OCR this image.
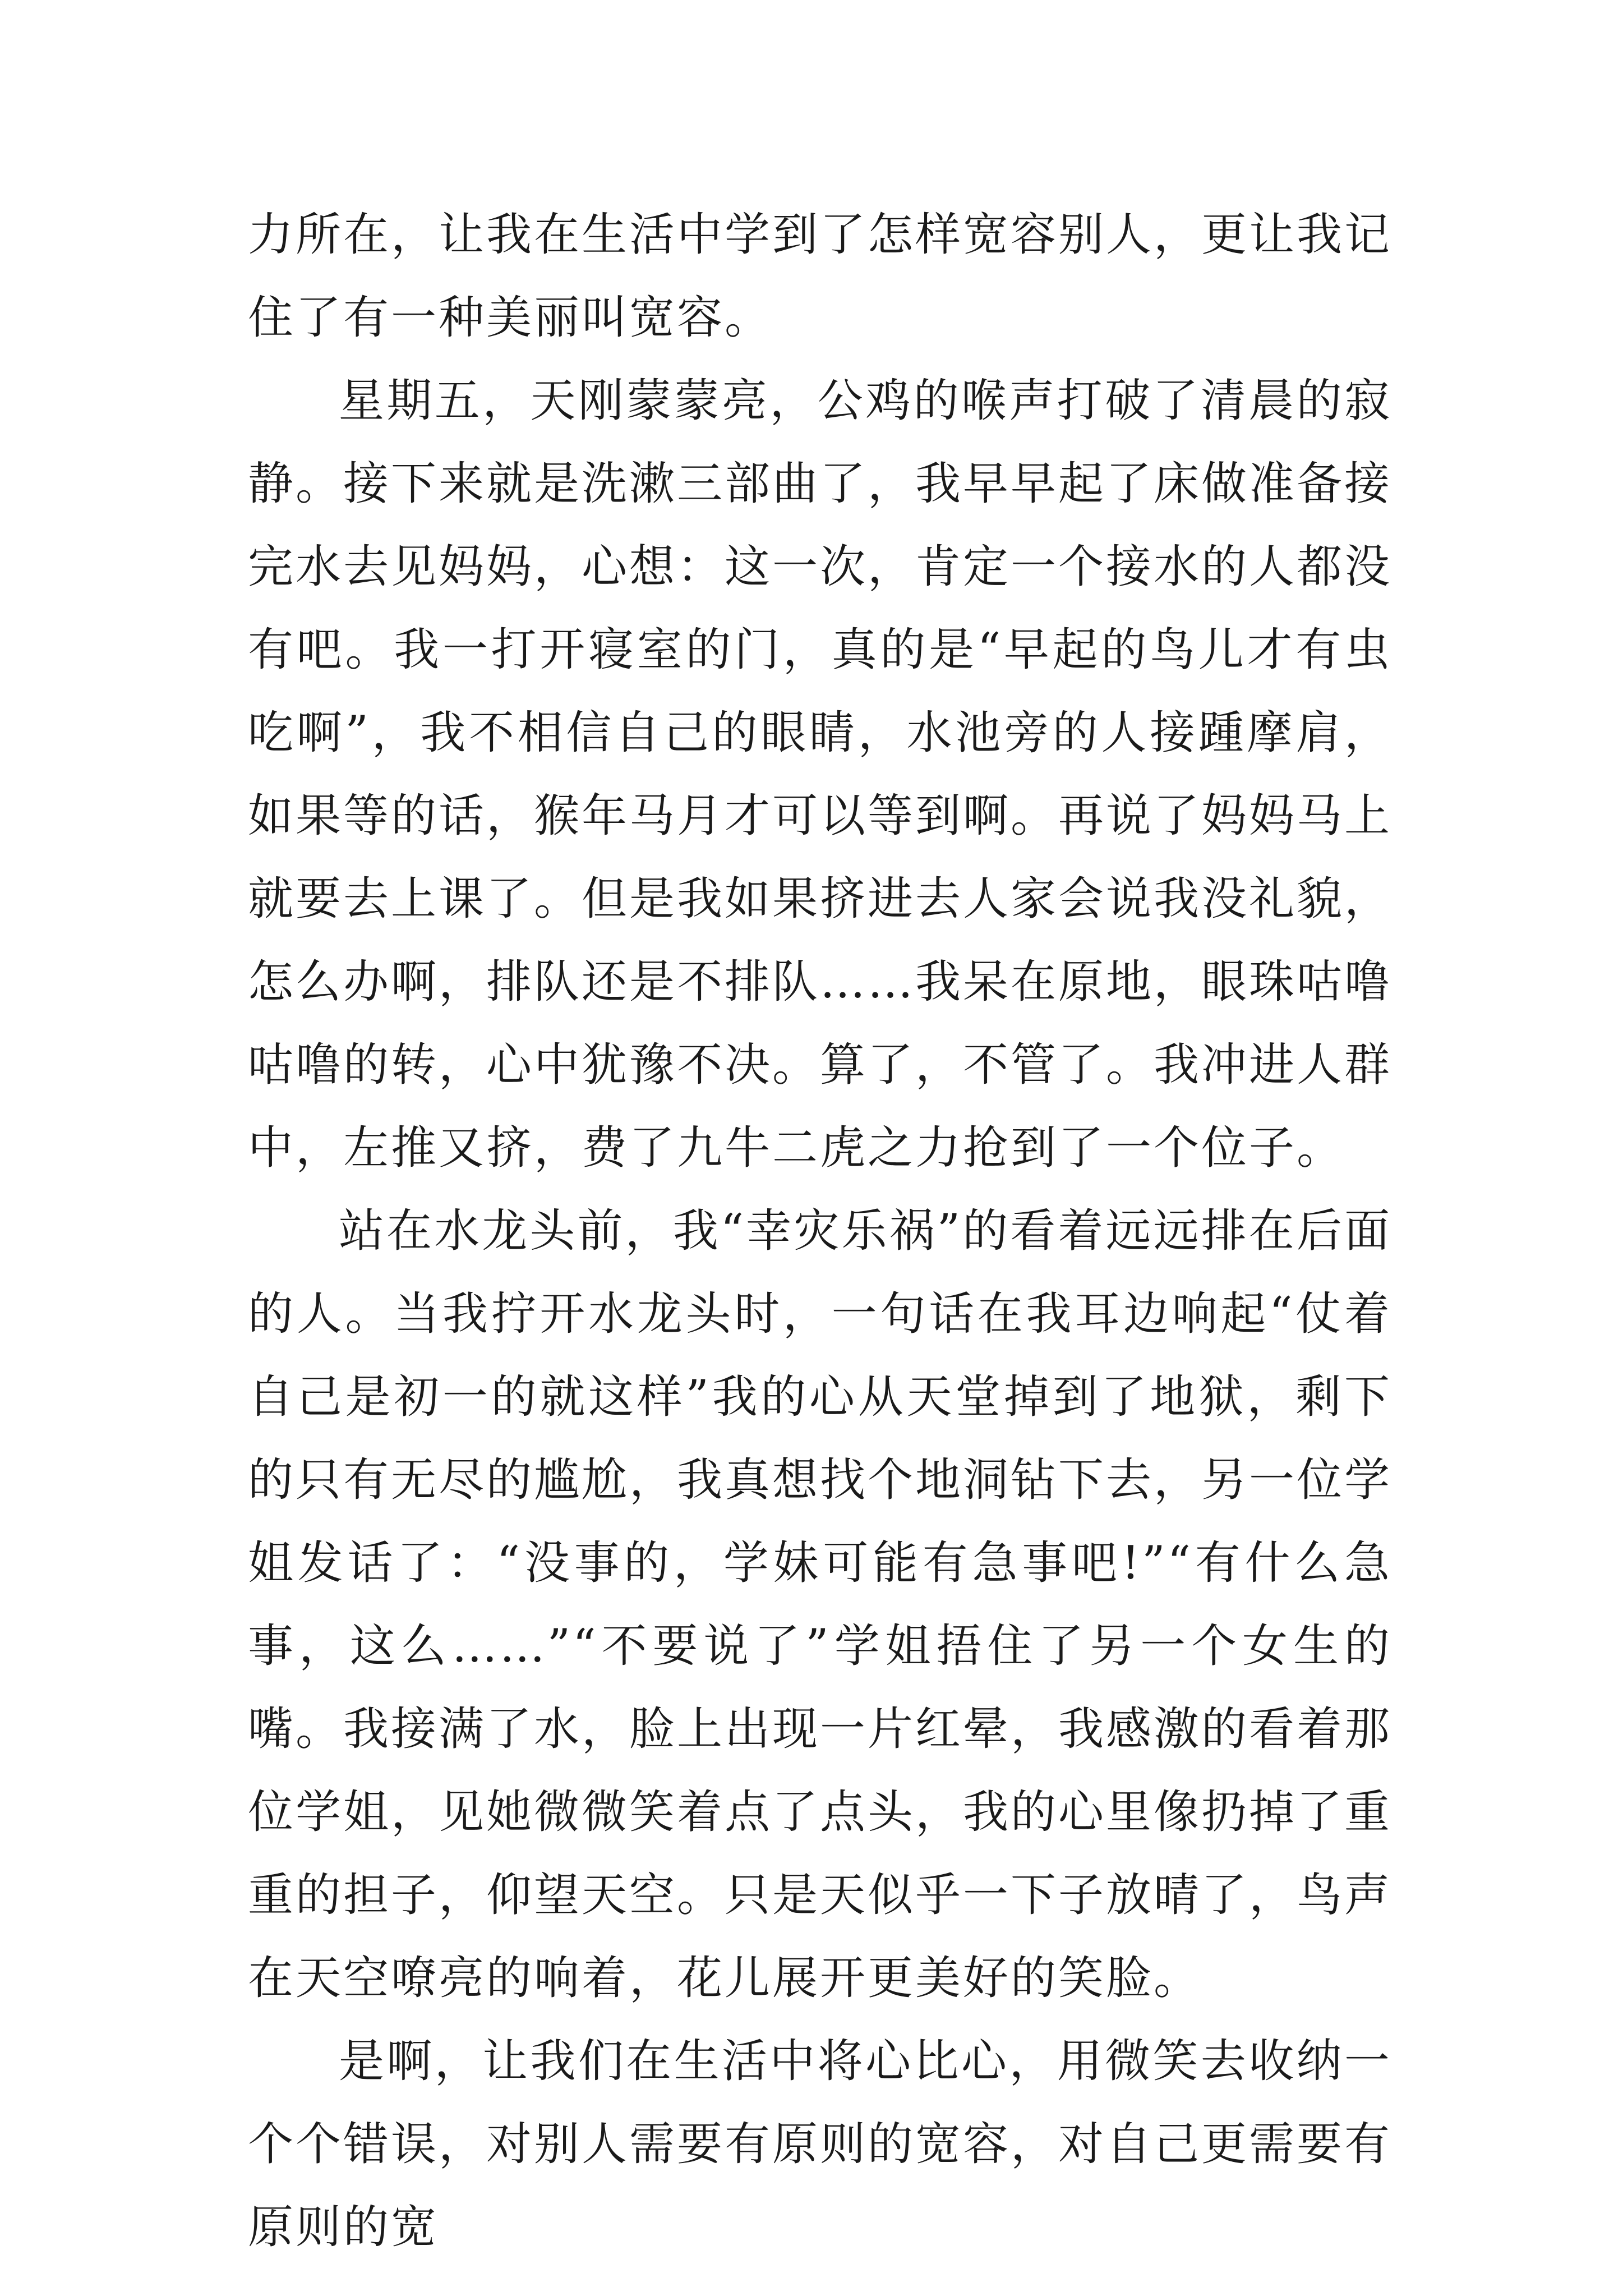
力所在，让我在生活中学到了怎样宽容别人，更让我记住了有一种美丽叫宽容。

星期五，天刚蒙蒙亮，公鸡的喉声打破了清晨的寂静。接下来就是洗漱三部曲了，我早早起了床做准备接完水去见妈妈，心想：这一次，肯定一个接水的人都没有吧。我一打开寝室的门，真的是“早起的鸟儿才有虫吃啊”，我不相信自己的眼睛，水池旁的人接踵摩肩，如果等的话，猴年马月才可以等到啊。再说了妈妈马上就要去上课了。但是我如果挤进去人家会说我没礼貌，怎么办啊，排队还是不排队……我呆在原地，眼珠咕噜咕噜的转，心中犹豫不决。算了，不管了。我冲进人群中，左推又挤，费了九牛二虎之力抢到了一个位子。

站在水龙头前，我“幸灾乐祸”的看着远远排在后面的人。当我拧开水龙头时，一句话在我耳边响起“仗着自己是初一的就这样”我的心从天堂掉到了地狱，剩下的只有无尽的尴尬，我真想找个地洞钻下去，另一位学姐发话了：“没事的，学妹可能有急事吧!”“有什么急事，这么……”“不要说了”学姐捂住了另一个女生的嘴。我接满了水，脸上出现一片红晕，我感激的看着那位学姐，见她微微笑着点了点头，我的心里像扔掉了重重的担子，仰望天空。只是天似乎一下子放晴了，鸟声在天空嘹亮的响着，花儿展开更美好的笑脸。

是啊，让我们在生活中将心比心，用微笑去收纳一个个错误，对别人需要有原则的宽容，对自己更需要有原则的宽
